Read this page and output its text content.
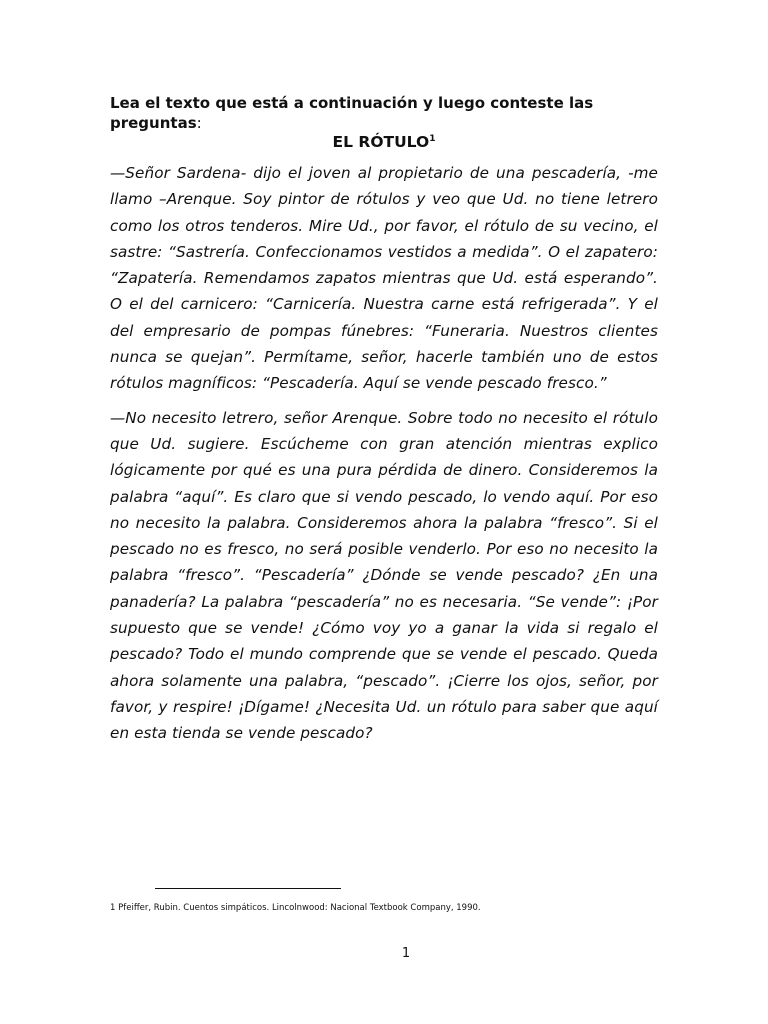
Lea el texto que está a continuación y luego conteste las preguntas:
EL RÓTULO$^1$

—Señor Sardena- dijo el joven al propietario de una pescadería, -me llamo –Arenque. Soy pintor de rótulos y veo que Ud. no tiene letrero como los otros tenderos. Mire Ud., por favor, el rótulo de su vecino, el sastre: “Sastrería. Confeccionamos vestidos a medida”. O el zapatero: “Zapatería. Remendamos zapatos mientras que Ud. está esperando”. O el del carnicero: “Carnicería. Nuestra carne está refrigerada”. Y el del empresario de pompas fúnebres: “Funeraria. Nuestros clientes nunca se quejan”. Permítame, señor, hacerle también uno de estos rótulos magníficos: “Pescadería. Aquí se vende pescado fresco.”

—No necesito letrero, señor Arenque. Sobre todo no necesito el rótulo que Ud. sugiere. Escúcheme con gran atención mientras explico lógicamente por qué es una pura pérdida de dinero. Consideremos la palabra “aquí”. Es claro que si vendo pescado, lo vendo aquí. Por eso no necesito la palabra. Consideremos ahora la palabra “fresco”. Si el pescado no es fresco, no será posible venderlo. Por eso no necesito la palabra “fresco”. “Pescadería” ¿Dónde se vende pescado? ¿En una panadería? La palabra “pescadería” no es necesaria. “Se vende”: ¡Por supuesto que se vende! ¿Cómo voy yo a ganar la vida si regalo el pescado? Todo el mundo comprende que se vende el pescado. Queda ahora solamente una palabra, “pescado”. ¡Cierre los ojos, señor, por favor, y respire! ¡Dígame! ¿Necesita Ud. un rótulo para saber que aquí en esta tienda se vende pescado?

1 Pfeiffer, Rubin. Cuentos simpáticos. Lincolnwood: Nacional Textbook Company, 1990.
1
